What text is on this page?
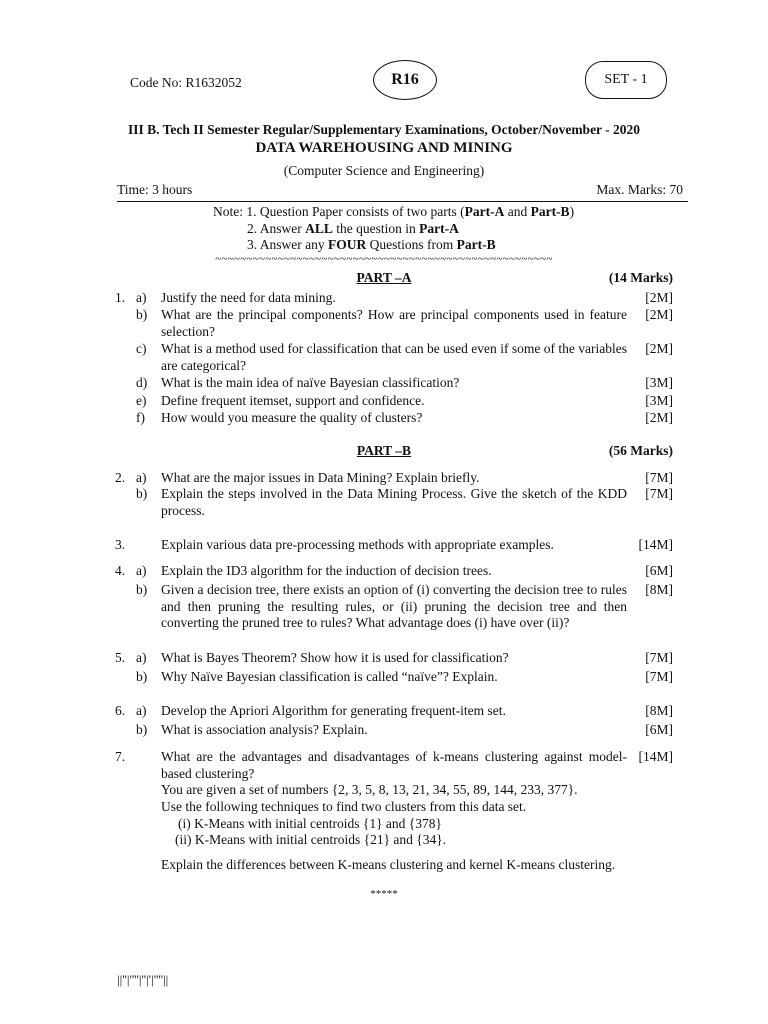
Code No: R1632052	R16	SET - 1
III B. Tech II Semester Regular/Supplementary Examinations, October/November - 2020
DATA WAREHOUSING AND MINING
(Computer Science and Engineering)
Time: 3 hours	Max. Marks: 70
Note: 1. Question Paper consists of two parts (Part-A and Part-B)
2. Answer ALL the question in Part-A
3. Answer any FOUR Questions from Part-B
~~~~~~~~~~~~~~~~~~~~~~~~~~~~~~~~~~~~~~~~~~~~~~~~~~~~~~
PART –A	(14 Marks)
1. a) Justify the need for data mining.	[2M]
b) What are the principal components? How are principal components used in feature selection?
[2M]
c) What is a method used for classification that can be used even if some of the variables are categorical?
[2M]
d) What is the main idea of naïve Bayesian classification?	[3M]
e) Define frequent itemset, support and confidence.	[3M]
f) How would you measure the quality of clusters?	[2M]
PART –B	(56 Marks)
2. a) What are the major issues in Data Mining? Explain briefly.	[7M]
b) Explain the steps involved in the Data Mining Process. Give the sketch of the KDD process.
[7M]
3.	Explain various data pre-processing methods with appropriate examples.	[14M]
4. a) Explain the ID3 algorithm for the induction of decision trees.	[6M]
b) Given a decision tree, there exists an option of (i) converting the decision tree to rules and then pruning the resulting rules, or (ii) pruning the decision tree and then converting the pruned tree to rules? What advantage does (i) have over (ii)?
[8M]
5. a) What is Bayes Theorem? Show how it is used for classification?	[7M]
b) Why Naïve Bayesian classification is called “naïve”? Explain.	[7M]
6. a) Develop the Apriori Algorithm for generating frequent-item set.	[8M]
b) What is association analysis? Explain.	[6M]
7.	[14M]
What are the advantages and disadvantages of k-means clustering against model-based clustering?
You are given a set of numbers {2, 3, 5, 8, 13, 21, 34, 55, 89, 144, 233, 377}.
Use the following techniques to find two clusters from this data set.
(i) K-Means with initial centroids {1} and {378}
(ii) K-Means with initial centroids {21} and {34}.
Explain the differences between K-means clustering and kernel K-means clustering.
*****
||''|''''|''|'|''''||
